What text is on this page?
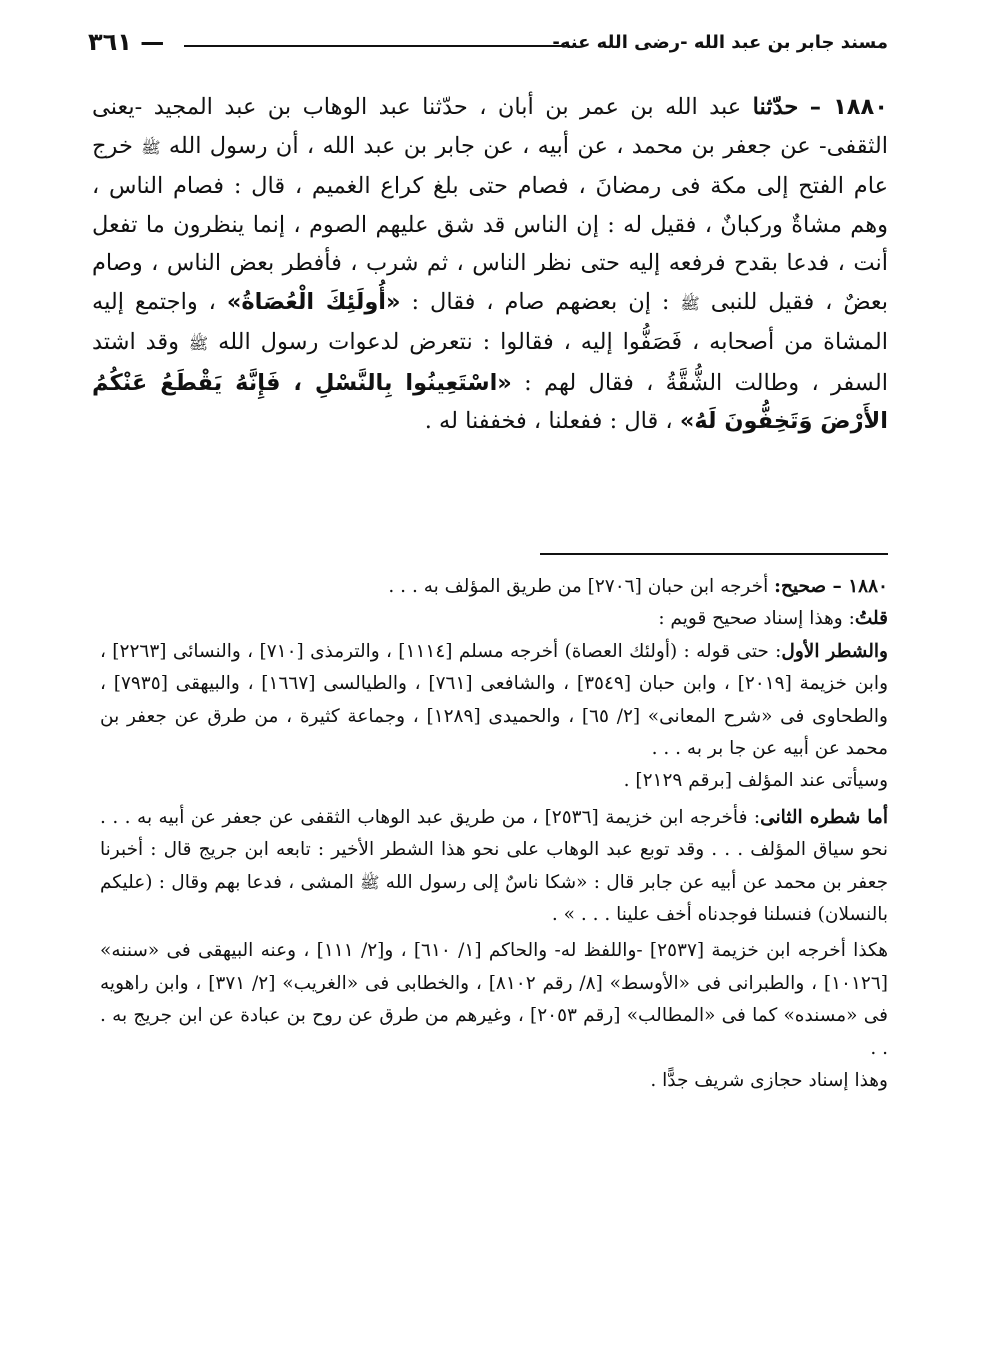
مسند جابر بن عبد الله -رضى الله عنه-
— ٣٦١

١٨٨٠ – حدّثنا عبد الله بن عمر بن أبان ، حدّثنا عبد الوهاب بن عبد المجيد -يعنى الثقفى- عن جعفر بن محمد ، عن أبيه ، عن جابر بن عبد الله ، أن رسول الله ﷺ خرج عام الفتح إلى مكة فى رمضانَ ، فصام حتى بلغ كراع الغميم ، قال : فصام الناس ، وهم مشاةٌ وركبانٌ ، فقيل له : إن الناس قد شق عليهم الصوم ، إنما ينظرون ما تفعل أنت ، فدعا بقدح فرفعه إليه حتى نظر الناس ، ثم شرب ، فأفطر بعض الناس ، وصام بعضٌ ، فقيل للنبى ﷺ : إن بعضهم صام ، فقال : «أُولَئِكَ الْعُصَاةُ» ، واجتمع إليه المشاة من أصحابه ، فَصَفُّوا إليه ، فقالوا : نتعرض لدعوات رسول الله ﷺ وقد اشتد السفر ، وطالت الشُّقَّةُ ، فقال لهم : «اسْتَعِينُوا بِالنَّسْلِ ، فَإِنَّهُ يَقْطَعُ عَنْكُمُ الأَرْضَ وَتَخِفُّونَ لَهُ» ، قال : ففعلنا ، فخففنا له .

١٨٨٠ – صحيح: أخرجه ابن حبان [٢٧٠٦] من طريق المؤلف به . . .

قلتُ: وهذا إسناد صحيح قويم :

والشطر الأول: حتى قوله : (أولئك العصاة) أخرجه مسلم [١١١٤] ، والترمذى [٧١٠] ، والنسائى [٢٢٦٣] ، وابن خزيمة [٢٠١٩] ، وابن حبان [٣٥٤٩] ، والشافعى [٧٦١] ، والطيالسى [١٦٦٧] ، والبيهقى [٧٩٣٥] ، والطحاوى فى «شرح المعانى» [٢/ ٦٥] ، والحميدى [١٢٨٩] ، وجماعة كثيرة ، من طرق عن جعفر بن محمد عن أبيه عن جا بر به . . .

وسيأتى عند المؤلف [برقم ٢١٢٩] .

أما شطره الثانى: فأخرجه ابن خزيمة [٢٥٣٦] ، من طريق عبد الوهاب الثقفى عن جعفر عن أبيه به . . . نحو سياق المؤلف . . . وقد توبع عبد الوهاب على نحو هذا الشطر الأخير : تابعه ابن جريج قال : أخبرنا جعفر بن محمد عن أبيه عن جابر قال : «شكا ناسٌ إلى رسول الله ﷺ المشى ، فدعا بهم وقال : (عليكم بالنسلان) فنسلنا فوجدناه أخف علينا . . . » .

هكذا أخرجه ابن خزيمة [٢٥٣٧] -واللفظ له- والحاكم [١/ ٦١٠] ، و[٢/ ١١١] ، وعنه البيهقى فى «سننه» [١٠١٢٦] ، والطبرانى فى «الأوسط» [٨/ رقم ٨١٠٢] ، والخطابى فى «الغريب» [٢/ ٣٧١] ، وابن راهويه فى «مسنده» كما فى «المطالب» [رقم ٢٠٥٣] ، وغيرهم من طرق عن روح بن عبادة عن ابن جريج به . . .

وهذا إسناد حجازى شريف جدًّا .
